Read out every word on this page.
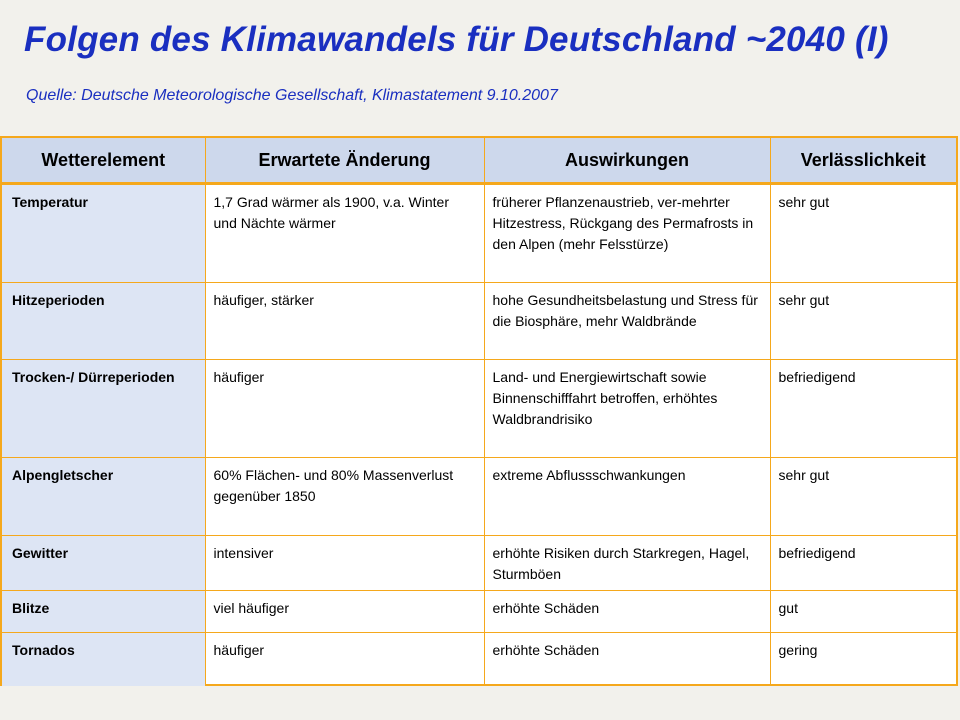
Folgen des Klimawandels für Deutschland ~2040 (I)
Quelle: Deutsche Meteorologische Gesellschaft, Klimastatement 9.10.2007
Wetterelement	Erwartete Änderung	Auswirkungen	Verlässlichkeit
Temperatur	1,7 Grad wärmer als 1900, v.a. Winter und Nächte wärmer	früherer Pflanzenaustrieb, ver-mehrter Hitzestress, Rückgang des Permafrosts in den Alpen (mehr Felsstürze)	sehr gut
Hitzeperioden	häufiger, stärker	hohe Gesundheitsbelastung und Stress für die Biosphäre, mehr Waldbrände	sehr gut
Trocken-/ Dürreperioden	häufiger	Land- und Energiewirtschaft sowie Binnenschifffahrt betroffen, erhöhtes Waldbrandrisiko	befriedigend
Alpengletscher	60% Flächen- und 80% Massenverlust gegenüber 1850	extreme Abflussschwankungen	sehr gut
Gewitter	intensiver	erhöhte Risiken durch Starkregen, Hagel, Sturmböen	befriedigend
Blitze	viel häufiger	erhöhte Schäden	gut
Tornados	häufiger	erhöhte Schäden	gering
